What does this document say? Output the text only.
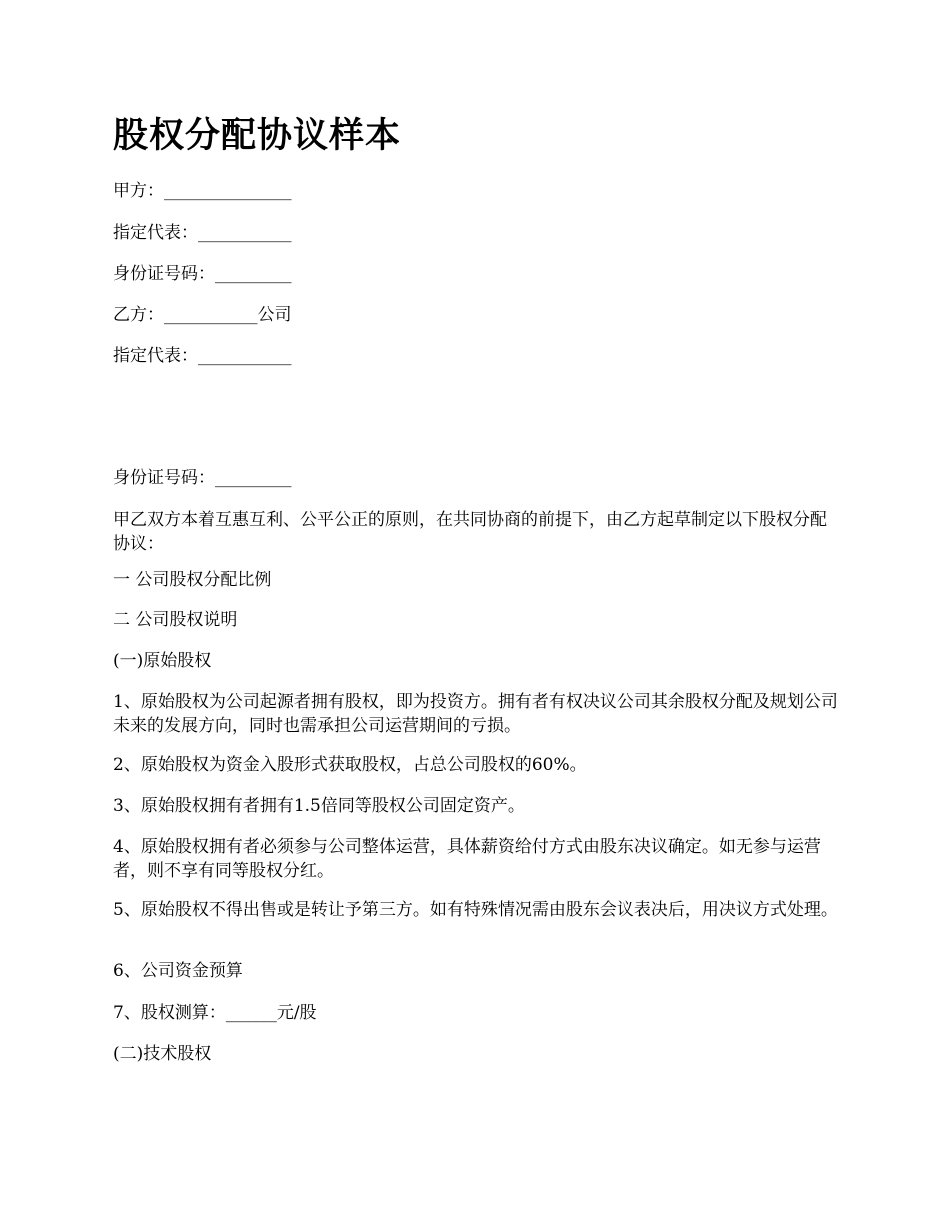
股权分配协议样本

甲方：_______________

指定代表：___________

身份证号码：_________

乙方：___________公司

指定代表：___________

身份证号码：_________

甲乙双方本着互惠互利、公平公正的原则，在共同协商的前提下，由乙方起草制定以下股权分配协议：

一 公司股权分配比例

二 公司股权说明

(一)原始股权

1、原始股权为公司起源者拥有股权，即为投资方。拥有者有权决议公司其余股权分配及规划公司未来的发展方向，同时也需承担公司运营期间的亏损。

2、原始股权为资金入股形式获取股权，占总公司股权的60%。

3、原始股权拥有者拥有1.5倍同等股权公司固定资产。

4、原始股权拥有者必须参与公司整体运营，具体薪资给付方式由股东决议确定。如无参与运营者，则不享有同等股权分红。

5、原始股权不得出售或是转让予第三方。如有特殊情况需由股东会议表决后，用决议方式处理。

6、公司资金预算

7、股权测算：______元/股

(二)技术股权
